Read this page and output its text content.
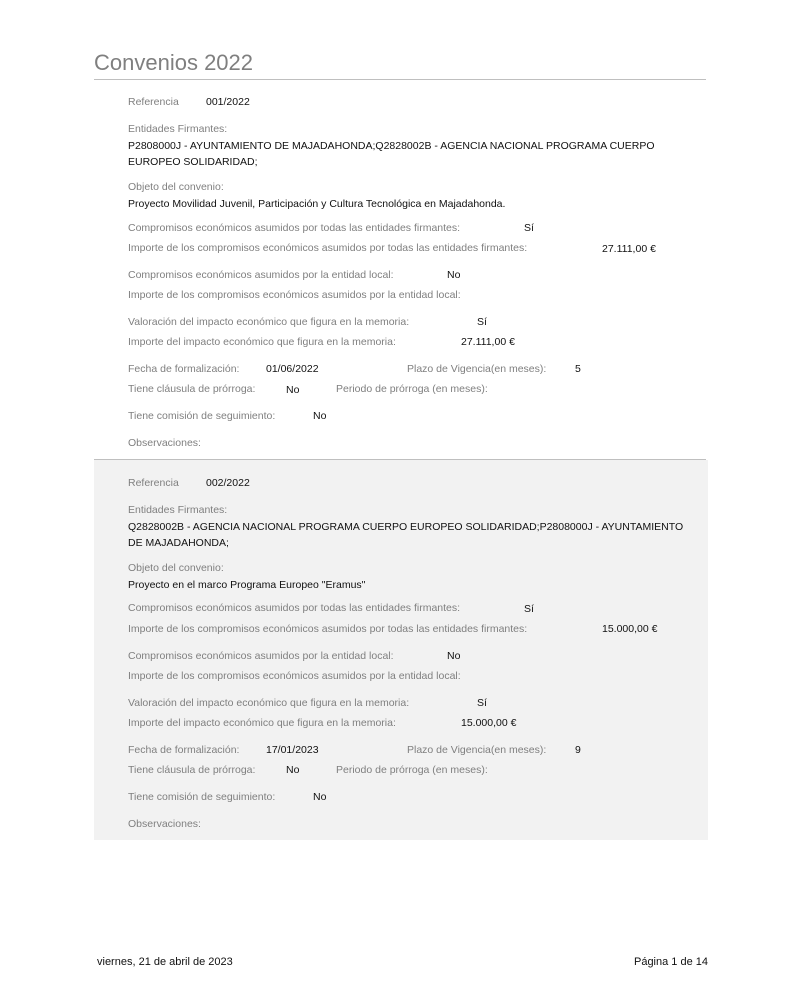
Convenios 2022
Referencia	001/2022
Entidades Firmantes:
P2808000J - AYUNTAMIENTO DE MAJADAHONDA;Q2828002B - AGENCIA NACIONAL PROGRAMA CUERPO EUROPEO SOLIDARIDAD;
Objeto del convenio:
Proyecto Movilidad Juvenil, Participación y Cultura Tecnológica en Majadahonda.
Compromisos económicos asumidos por todas las entidades firmantes:	Sí
Importe de los compromisos económicos asumidos por todas las entidades firmantes:	27.111,00 €
Compromisos económicos asumidos por la entidad local:	No
Importe de los compromisos económicos asumidos por la entidad local:
Valoración del impacto económico que figura en la memoria:	Sí
Importe del impacto económico que figura en la memoria:	27.111,00 €
Fecha de formalización:	01/06/2022	Plazo de Vigencia(en meses):	5
Tiene cláusula de prórroga:	No	Periodo de prórroga (en meses):
Tiene comisión de seguimiento:	No
Observaciones:
Referencia	002/2022
Entidades Firmantes:
Q2828002B - AGENCIA NACIONAL PROGRAMA CUERPO EUROPEO SOLIDARIDAD;P2808000J - AYUNTAMIENTO DE MAJADAHONDA;
Objeto del convenio:
Proyecto en el marco Programa Europeo "Eramus"
Compromisos económicos asumidos por todas las entidades firmantes:	Sí
Importe de los compromisos económicos asumidos por todas las entidades firmantes:	15.000,00 €
Compromisos económicos asumidos por la entidad local:	No
Importe de los compromisos económicos asumidos por la entidad local:
Valoración del impacto económico que figura en la memoria:	Sí
Importe del impacto económico que figura en la memoria:	15.000,00 €
Fecha de formalización:	17/01/2023	Plazo de Vigencia(en meses):	9
Tiene cláusula de prórroga:	No	Periodo de prórroga (en meses):
Tiene comisión de seguimiento:	No
Observaciones:
viernes, 21 de abril de 2023	Página 1 de 14
